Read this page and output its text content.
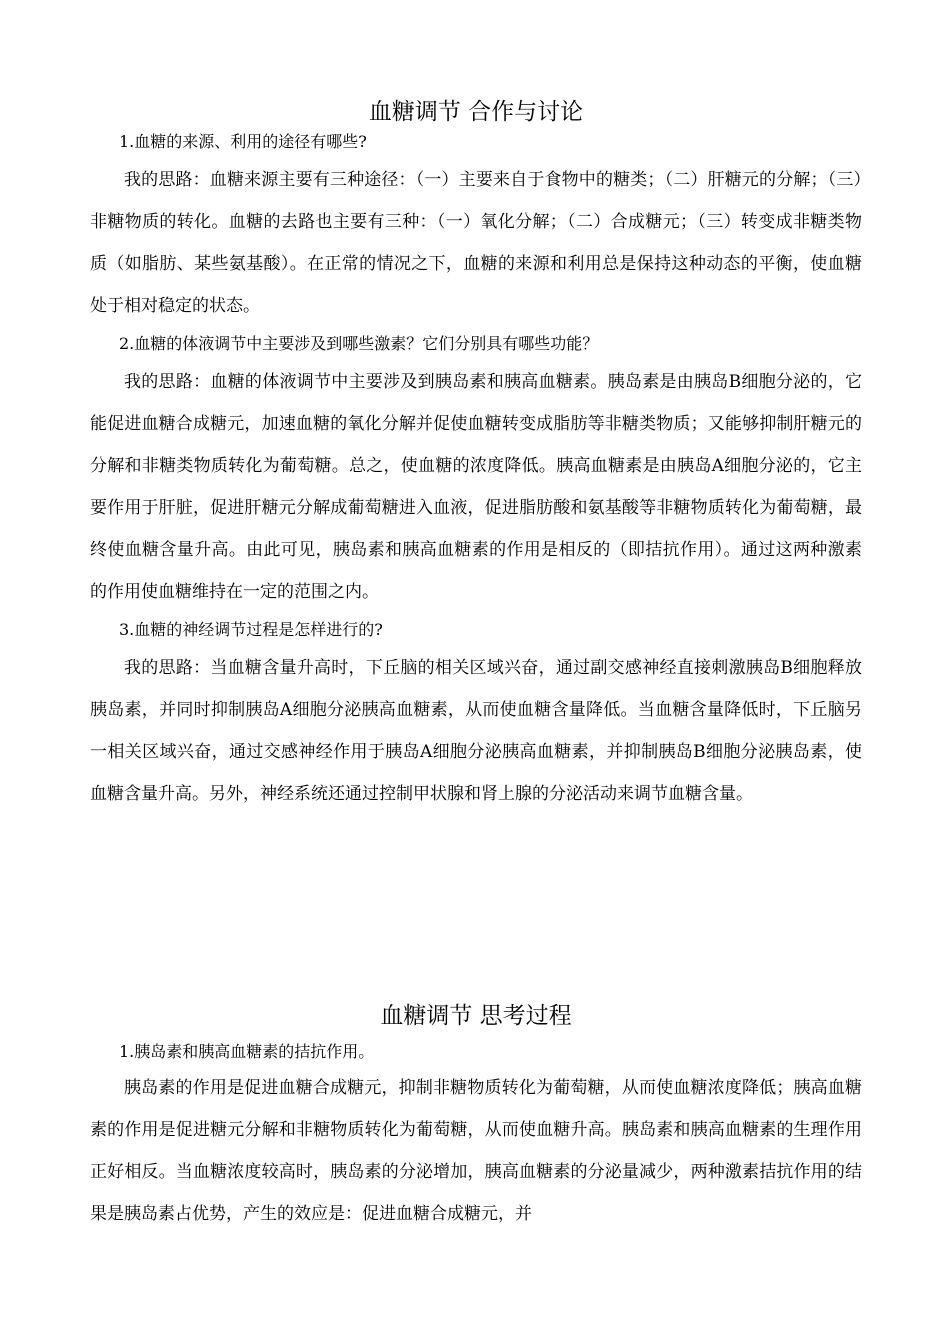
血糖调节 合作与讨论

1.血糖的来源、利用的途径有哪些?

我的思路：血糖来源主要有三种途径：（一）主要来自于食物中的糖类；（二）肝糖元的分解；（三）非糖物质的转化。血糖的去路也主要有三种：（一）氧化分解；（二）合成糖元；（三）转变成非糖类物质（如脂肪、某些氨基酸）。在正常的情况之下，血糖的来源和利用总是保持这种动态的平衡，使血糖处于相对稳定的状态。

2.血糖的体液调节中主要涉及到哪些激素？它们分别具有哪些功能？

我的思路：血糖的体液调节中主要涉及到胰岛素和胰高血糖素。胰岛素是由胰岛B细胞分泌的，它能促进血糖合成糖元，加速血糖的氧化分解并促使血糖转变成脂肪等非糖类物质；又能够抑制肝糖元的分解和非糖类物质转化为葡萄糖。总之，使血糖的浓度降低。胰高血糖素是由胰岛A细胞分泌的，它主要作用于肝脏，促进肝糖元分解成葡萄糖进入血液，促进脂肪酸和氨基酸等非糖物质转化为葡萄糖，最终使血糖含量升高。由此可见，胰岛素和胰高血糖素的作用是相反的（即拮抗作用）。通过这两种激素的作用使血糖维持在一定的范围之内。

3.血糖的神经调节过程是怎样进行的?

我的思路：当血糖含量升高时，下丘脑的相关区域兴奋，通过副交感神经直接刺激胰岛B细胞释放胰岛素，并同时抑制胰岛A细胞分泌胰高血糖素，从而使血糖含量降低。当血糖含量降低时，下丘脑另一相关区域兴奋，通过交感神经作用于胰岛A细胞分泌胰高血糖素，并抑制胰岛B细胞分泌胰岛素，使血糖含量升高。另外，神经系统还通过控制甲状腺和肾上腺的分泌活动来调节血糖含量。

血糖调节 思考过程

1.胰岛素和胰高血糖素的拮抗作用。

胰岛素的作用是促进血糖合成糖元，抑制非糖物质转化为葡萄糖，从而使血糖浓度降低；胰高血糖素的作用是促进糖元分解和非糖物质转化为葡萄糖，从而使血糖升高。胰岛素和胰高血糖素的生理作用正好相反。当血糖浓度较高时，胰岛素的分泌增加，胰高血糖素的分泌量减少，两种激素拮抗作用的结果是胰岛素占优势，产生的效应是：促进血糖合成糖元，并
